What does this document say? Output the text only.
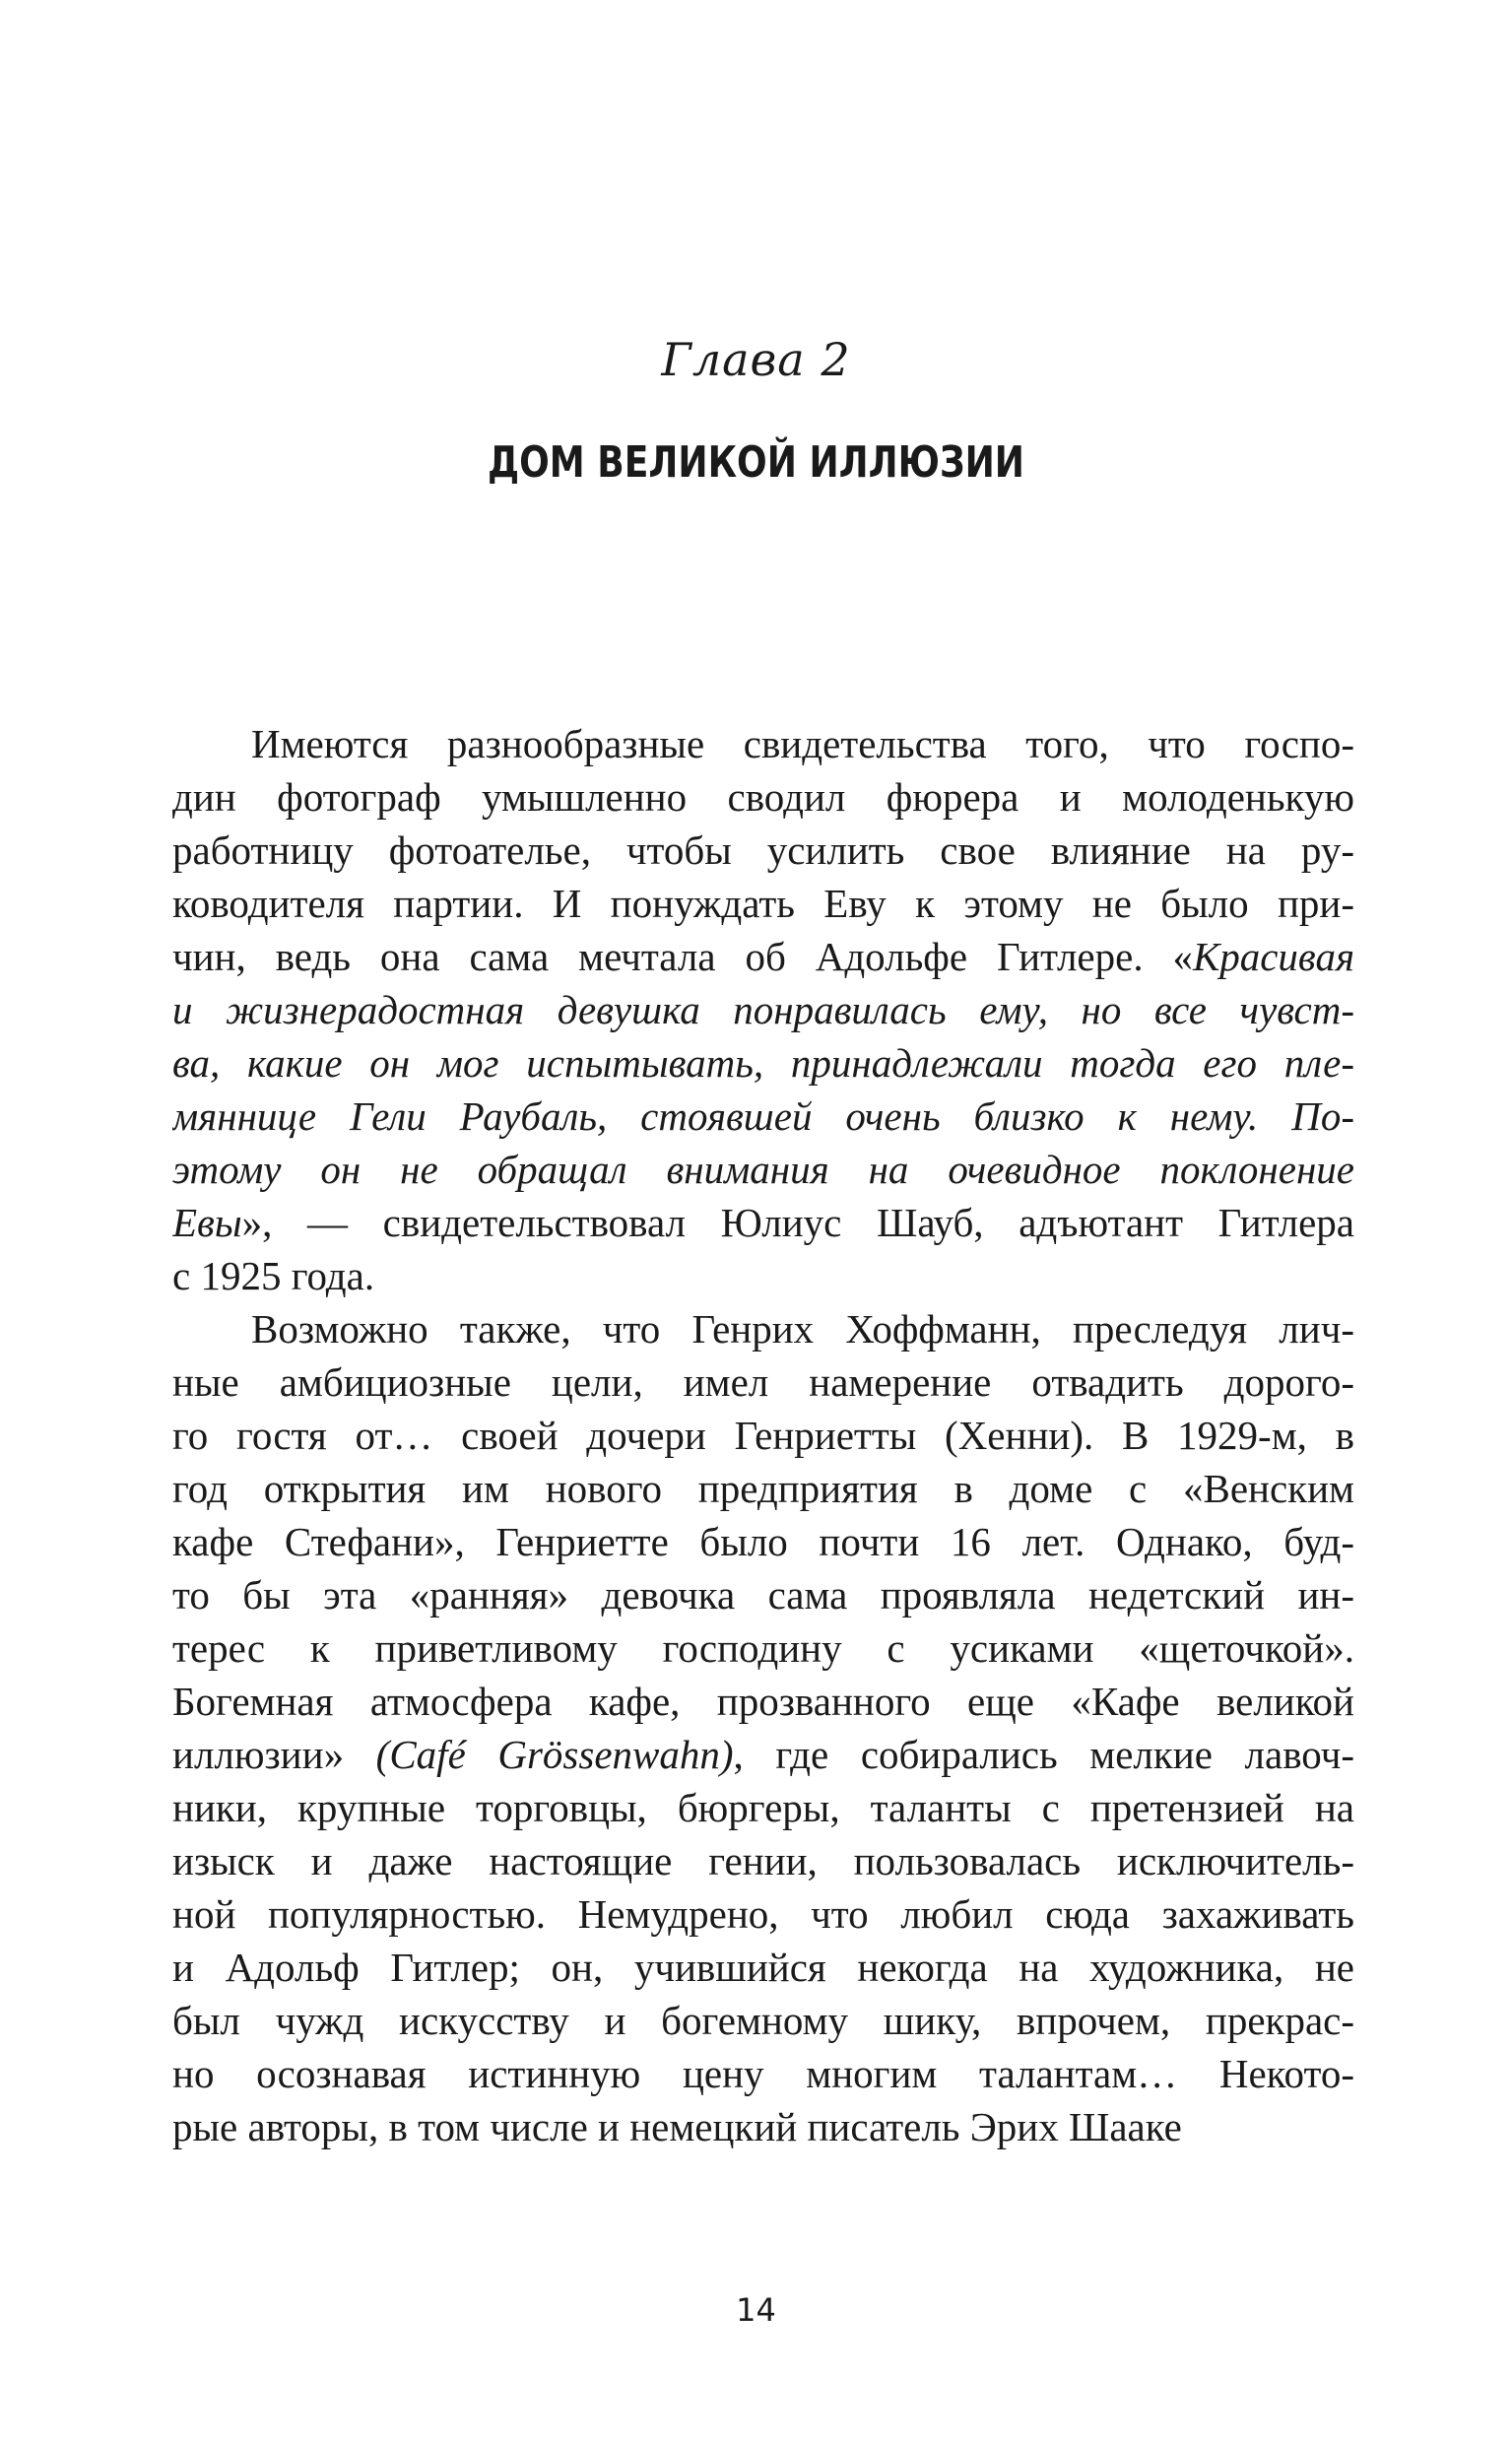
Глава 2
ДОМ ВЕЛИКОЙ ИЛЛЮЗИИ
Имеются разнообразные свидетельства того, что госпо-
дин фотограф умышленно сводил фюрера и молоденькую
работницу фотоателье, чтобы усилить свое влияние на ру-
ководителя партии. И понуждать Еву к этому не было при-
чин, ведь она сама мечтала об Адольфе Гитлере. «Красивая
и жизнерадостная девушка понравилась ему, но все чувст-
ва, какие он мог испытывать, принадлежали тогда его пле-
мяннице Гели Раубаль, стоявшей очень близко к нему. По-
этому он не обращал внимания на очевидное поклонение
Евы», — свидетельствовал Юлиус Шауб, адъютант Гитлера
с 1925 года.
Возможно также, что Генрих Хоффманн, преследуя лич-
ные амбициозные цели, имел намерение отвадить дорого-
го гостя от… своей дочери Генриетты (Хенни). В 1929-м, в
год открытия им нового предприятия в доме с «Венским
кафе Стефани», Генриетте было почти 16 лет. Однако, буд-
то бы эта «ранняя» девочка сама проявляла недетский ин-
терес к приветливому господину с усиками «щеточкой».
Богемная атмосфера кафе, прозванного еще «Кафе великой
иллюзии» (Café Grössenwahn), где собирались мелкие лавоч-
ники, крупные торговцы, бюргеры, таланты с претензией на
изыск и даже настоящие гении, пользовалась исключитель-
ной популярностью. Немудрено, что любил сюда захаживать
и Адольф Гитлер; он, учившийся некогда на художника, не
был чужд искусству и богемному шику, впрочем, прекрас-
но осознавая истинную цену многим талантам… Некото-
рые авторы, в том числе и немецкий писатель Эрих Шааке
14
